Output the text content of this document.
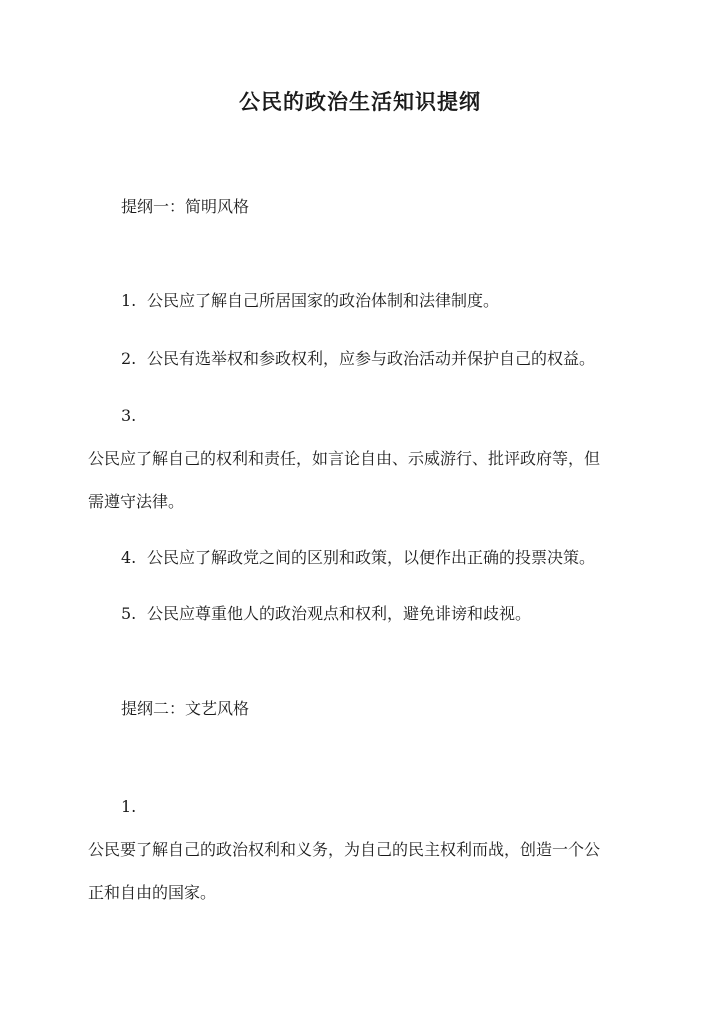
公民的政治生活知识提纲
提纲一：简明风格
1. 公民应了解自己所居国家的政治体制和法律制度。
2. 公民有选举权和参政权利，应参与政治活动并保护自己的权益。
3.
公民应了解自己的权利和责任，如言论自由、示威游行、批评政府等，但
需遵守法律。
4. 公民应了解政党之间的区别和政策，以便作出正确的投票决策。
5. 公民应尊重他人的政治观点和权利，避免诽谤和歧视。
提纲二：文艺风格
1.
公民要了解自己的政治权利和义务，为自己的民主权利而战，创造一个公
正和自由的国家。
